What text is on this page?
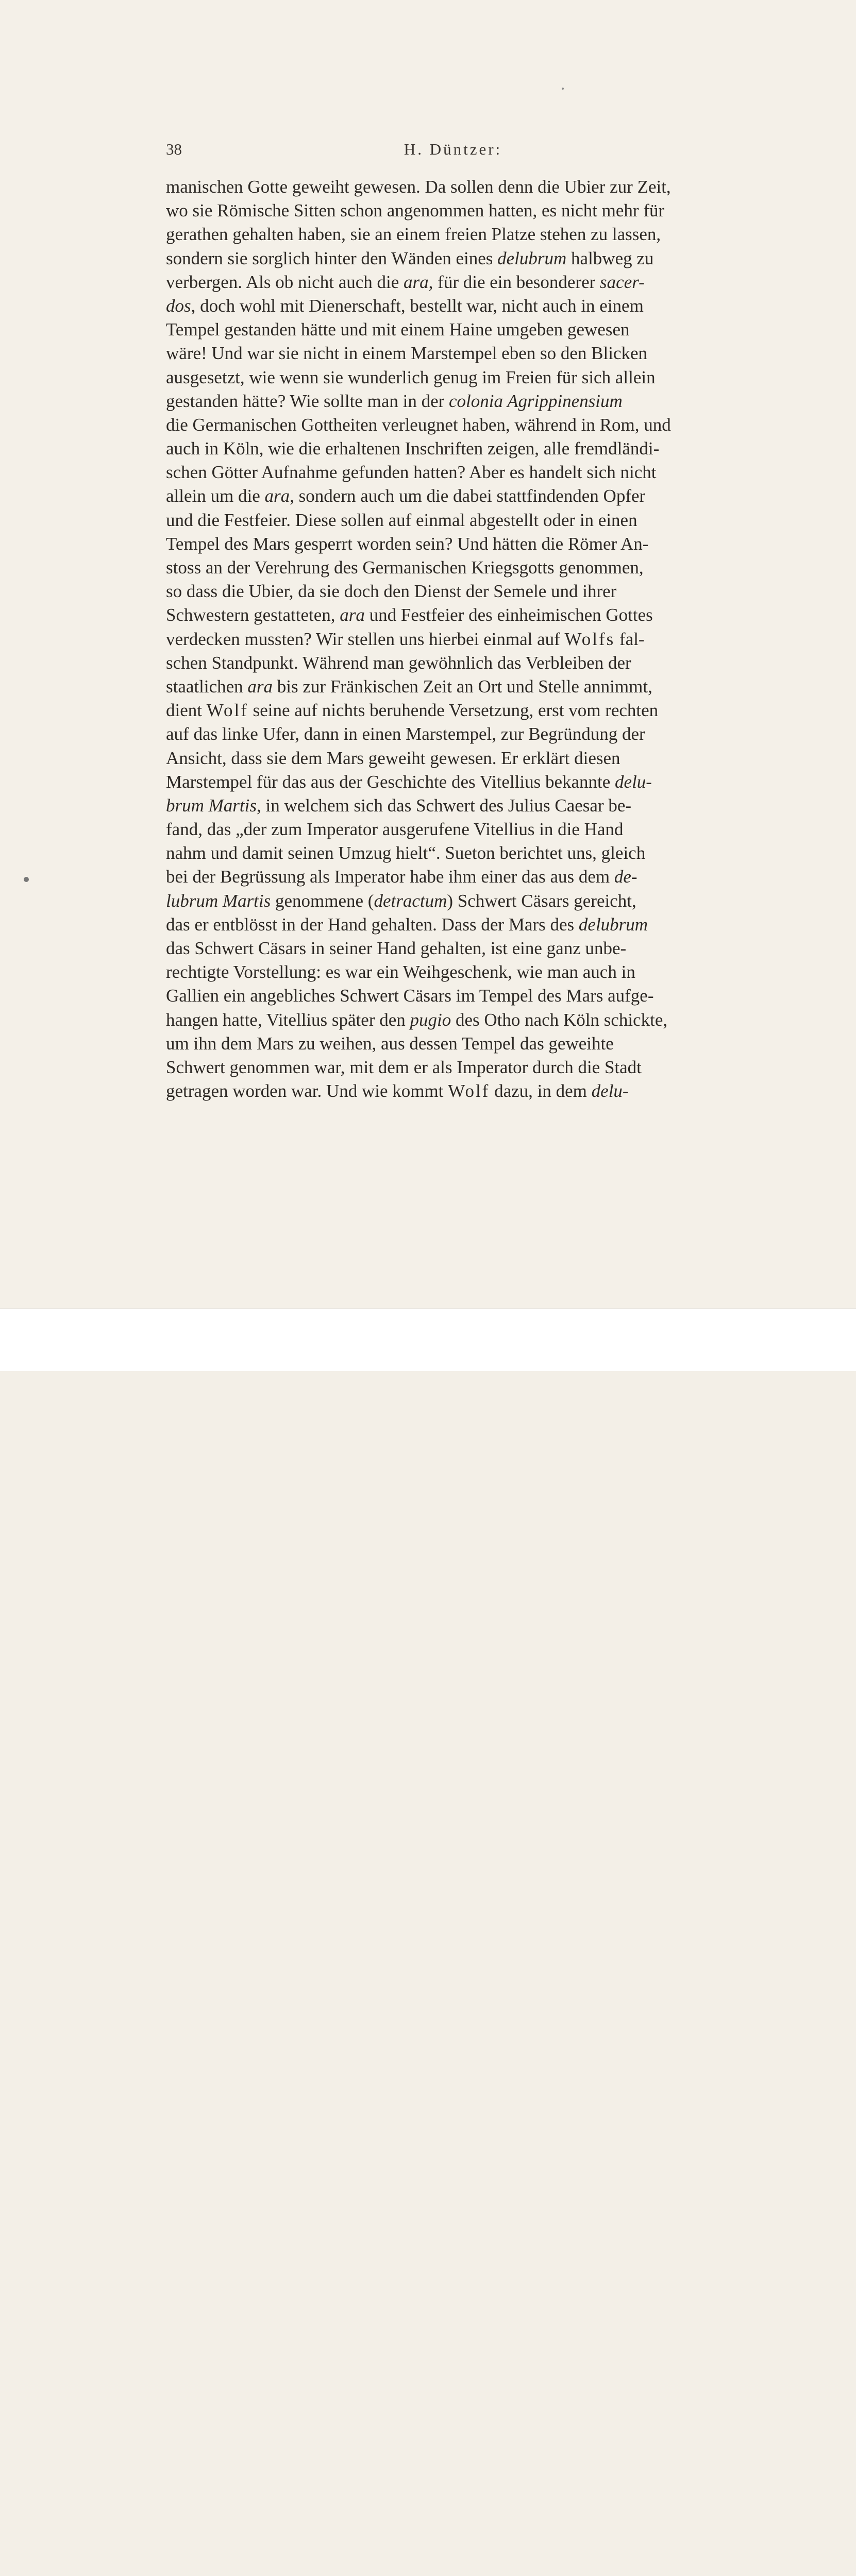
38	H. Düntzer:
manischen Gotte geweiht gewesen. Da sollen denn die Ubier zur Zeit,
wo sie Römische Sitten schon angenommen hatten, es nicht mehr für
gerathen gehalten haben, sie an einem freien Platze stehen zu lassen,
sondern sie sorglich hinter den Wänden eines delubrum halbweg zu
verbergen. Als ob nicht auch die ara, für die ein besonderer sacer-
dos, doch wohl mit Dienerschaft, bestellt war, nicht auch in einem
Tempel gestanden hätte und mit einem Haine umgeben gewesen
wäre! Und war sie nicht in einem Marstempel eben so den Blicken
ausgesetzt, wie wenn sie wunderlich genug im Freien für sich allein
gestanden hätte? Wie sollte man in der colonia Agrippinensium
die Germanischen Gottheiten verleugnet haben, während in Rom, und
auch in Köln, wie die erhaltenen Inschriften zeigen, alle fremdländi-
schen Götter Aufnahme gefunden hatten? Aber es handelt sich nicht
allein um die ara, sondern auch um die dabei stattfindenden Opfer
und die Festfeier. Diese sollen auf einmal abgestellt oder in einen
Tempel des Mars gesperrt worden sein? Und hätten die Römer An-
stoss an der Verehrung des Germanischen Kriegsgotts genommen,
so dass die Ubier, da sie doch den Dienst der Semele und ihrer
Schwestern gestatteten, ara und Festfeier des einheimischen Gottes
verdecken mussten? Wir stellen uns hierbei einmal auf Wolfs fal-
schen Standpunkt. Während man gewöhnlich das Verbleiben der
staatlichen ara bis zur Fränkischen Zeit an Ort und Stelle annimmt,
dient Wolf seine auf nichts beruhende Versetzung, erst vom rechten
auf das linke Ufer, dann in einen Marstempel, zur Begründung der
Ansicht, dass sie dem Mars geweiht gewesen. Er erklärt diesen
Marstempel für das aus der Geschichte des Vitellius bekannte delu-
brum Martis, in welchem sich das Schwert des Julius Caesar be-
fand, das „der zum Imperator ausgerufene Vitellius in die Hand
nahm und damit seinen Umzug hielt“. Sueton berichtet uns, gleich
bei der Begrüssung als Imperator habe ihm einer das aus dem de-
lubrum Martis genommene (detractum) Schwert Cäsars gereicht,
das er entblösst in der Hand gehalten. Dass der Mars des delubrum
das Schwert Cäsars in seiner Hand gehalten, ist eine ganz unbe-
rechtigte Vorstellung: es war ein Weihgeschenk, wie man auch in
Gallien ein angebliches Schwert Cäsars im Tempel des Mars aufge-
hangen hatte, Vitellius später den pugio des Otho nach Köln schickte,
um ihn dem Mars zu weihen, aus dessen Tempel das geweihte
Schwert genommen war, mit dem er als Imperator durch die Stadt
getragen worden war. Und wie kommt Wolf dazu, in dem delu-
